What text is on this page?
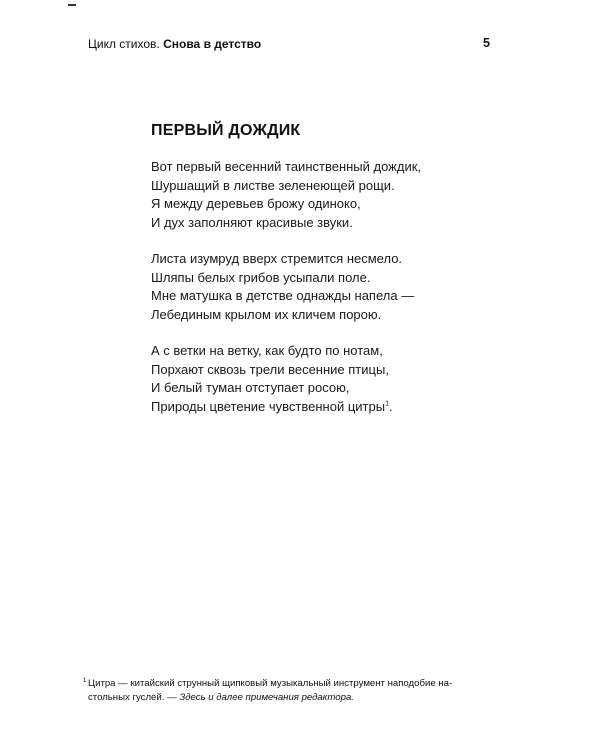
Цикл стихов. Снова в детство	5
ПЕРВЫЙ ДОЖДИК
Вот первый весенний таинственный дождик,
Шуршащий в листве зеленеющей рощи.
Я между деревьев брожу одиноко,
И дух заполняют красивые звуки.
Листа изумруд вверх стремится несмело.
Шляпы белых грибов усыпали поле.
Мне матушка в детстве однажды напела —
Лебединым крылом их кличем порою.
А с ветки на ветку, как будто по нотам,
Порхают сквозь трели весенние птицы,
И белый туман отступает росою,
Природы цветение чувственной цитры$^1$.
1 Цитра — китайский струнный щипковый музыкальный инструмент наподобие на-
стольных гуслей. — Здесь и далее примечания редактора.
